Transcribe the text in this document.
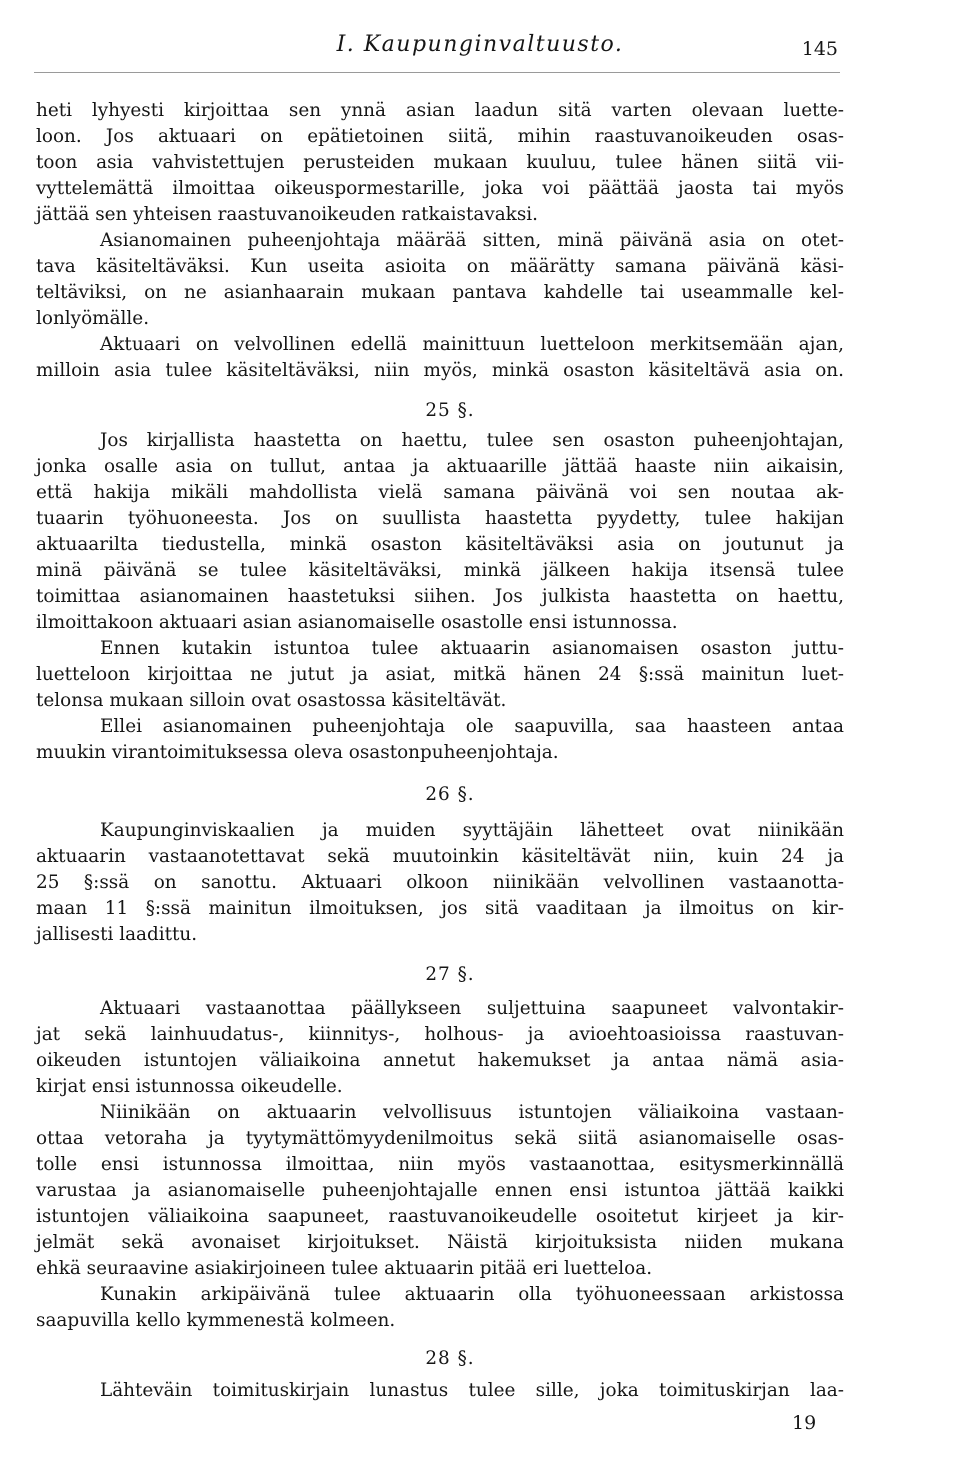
I. Kaupunginvaltuusto.	145

heti lyhyesti kirjoittaa sen ynnä asian laadun sitä varten olevaan luette-

loon. Jos aktuaari on epätietoinen siitä, mihin raastuvanoikeuden osas-

toon asia vahvistettujen perusteiden mukaan kuuluu, tulee hänen siitä vii-

vyttelemättä ilmoittaa oikeuspormestarille, joka voi päättää jaosta tai myös

jättää sen yhteisen raastuvanoikeuden ratkaistavaksi.

Asianomainen puheenjohtaja määrää sitten, minä päivänä asia on otet-

tava käsiteltäväksi. Kun useita asioita on määrätty samana päivänä käsi-

teltäviksi, on ne asianhaarain mukaan pantava kahdelle tai useammalle kel-

lonlyömälle.

Aktuaari on velvollinen edellä mainittuun luetteloon merkitsemään ajan,

milloin asia tulee käsiteltäväksi, niin myös, minkä osaston käsiteltävä asia on.

25 §.

Jos kirjallista haastetta on haettu, tulee sen osaston puheenjohtajan,

jonka osalle asia on tullut, antaa ja aktuaarille jättää haaste niin aikaisin,

että hakija mikäli mahdollista vielä samana päivänä voi sen noutaa ak-

tuaarin työhuoneesta. Jos on suullista haastetta pyydetty, tulee hakijan

aktuaarilta tiedustella, minkä osaston käsiteltäväksi asia on joutunut ja

minä päivänä se tulee käsiteltäväksi, minkä jälkeen hakija itsensä tulee

toimittaa asianomainen haastetuksi siihen. Jos julkista haastetta on haettu,

ilmoittakoon aktuaari asian asianomaiselle osastolle ensi istunnossa.

Ennen kutakin istuntoa tulee aktuaarin asianomaisen osaston juttu-

luetteloon kirjoittaa ne jutut ja asiat, mitkä hänen 24 §:ssä mainitun luet-

telonsa mukaan silloin ovat osastossa käsiteltävät.

Ellei asianomainen puheenjohtaja ole saapuvilla, saa haasteen antaa

muukin virantoimituksessa oleva osastonpuheenjohtaja.

26 §.

Kaupunginviskaalien ja muiden syyttäjäin lähetteet ovat niinikään

aktuaarin vastaanotettavat sekä muutoinkin käsiteltävät niin, kuin 24 ja

25 §:ssä on sanottu. Aktuaari olkoon niinikään velvollinen vastaanotta-

maan 11 §:ssä mainitun ilmoituksen, jos sitä vaaditaan ja ilmoitus on kir-

jallisesti laadittu.

27 §.

Aktuaari vastaanottaa päällykseen suljettuina saapuneet valvontakir-

jat sekä lainhuudatus-, kiinnitys-, holhous- ja avioehtoasioissa raastuvan-

oikeuden istuntojen väliaikoina annetut hakemukset ja antaa nämä asia-

kirjat ensi istunnossa oikeudelle.

Niinikään on aktuaarin velvollisuus istuntojen väliaikoina vastaan-

ottaa vetoraha ja tyytymättömyydenilmoitus sekä siitä asianomaiselle osas-

tolle ensi istunnossa ilmoittaa, niin myös vastaanottaa, esitysmerkinnällä

varustaa ja asianomaiselle puheenjohtajalle ennen ensi istuntoa jättää kaikki

istuntojen väliaikoina saapuneet, raastuvanoikeudelle osoitetut kirjeet ja kir-

jelmät sekä avonaiset kirjoitukset. Näistä kirjoituksista niiden mukana

ehkä seuraavine asiakirjoineen tulee aktuaarin pitää eri luetteloa.

Kunakin arkipäivänä tulee aktuaarin olla työhuoneessaan arkistossa

saapuvilla kello kymmenestä kolmeen.

28 §.

Lähteväin toimituskirjain lunastus tulee sille, joka toimituskirjan laa-

19
